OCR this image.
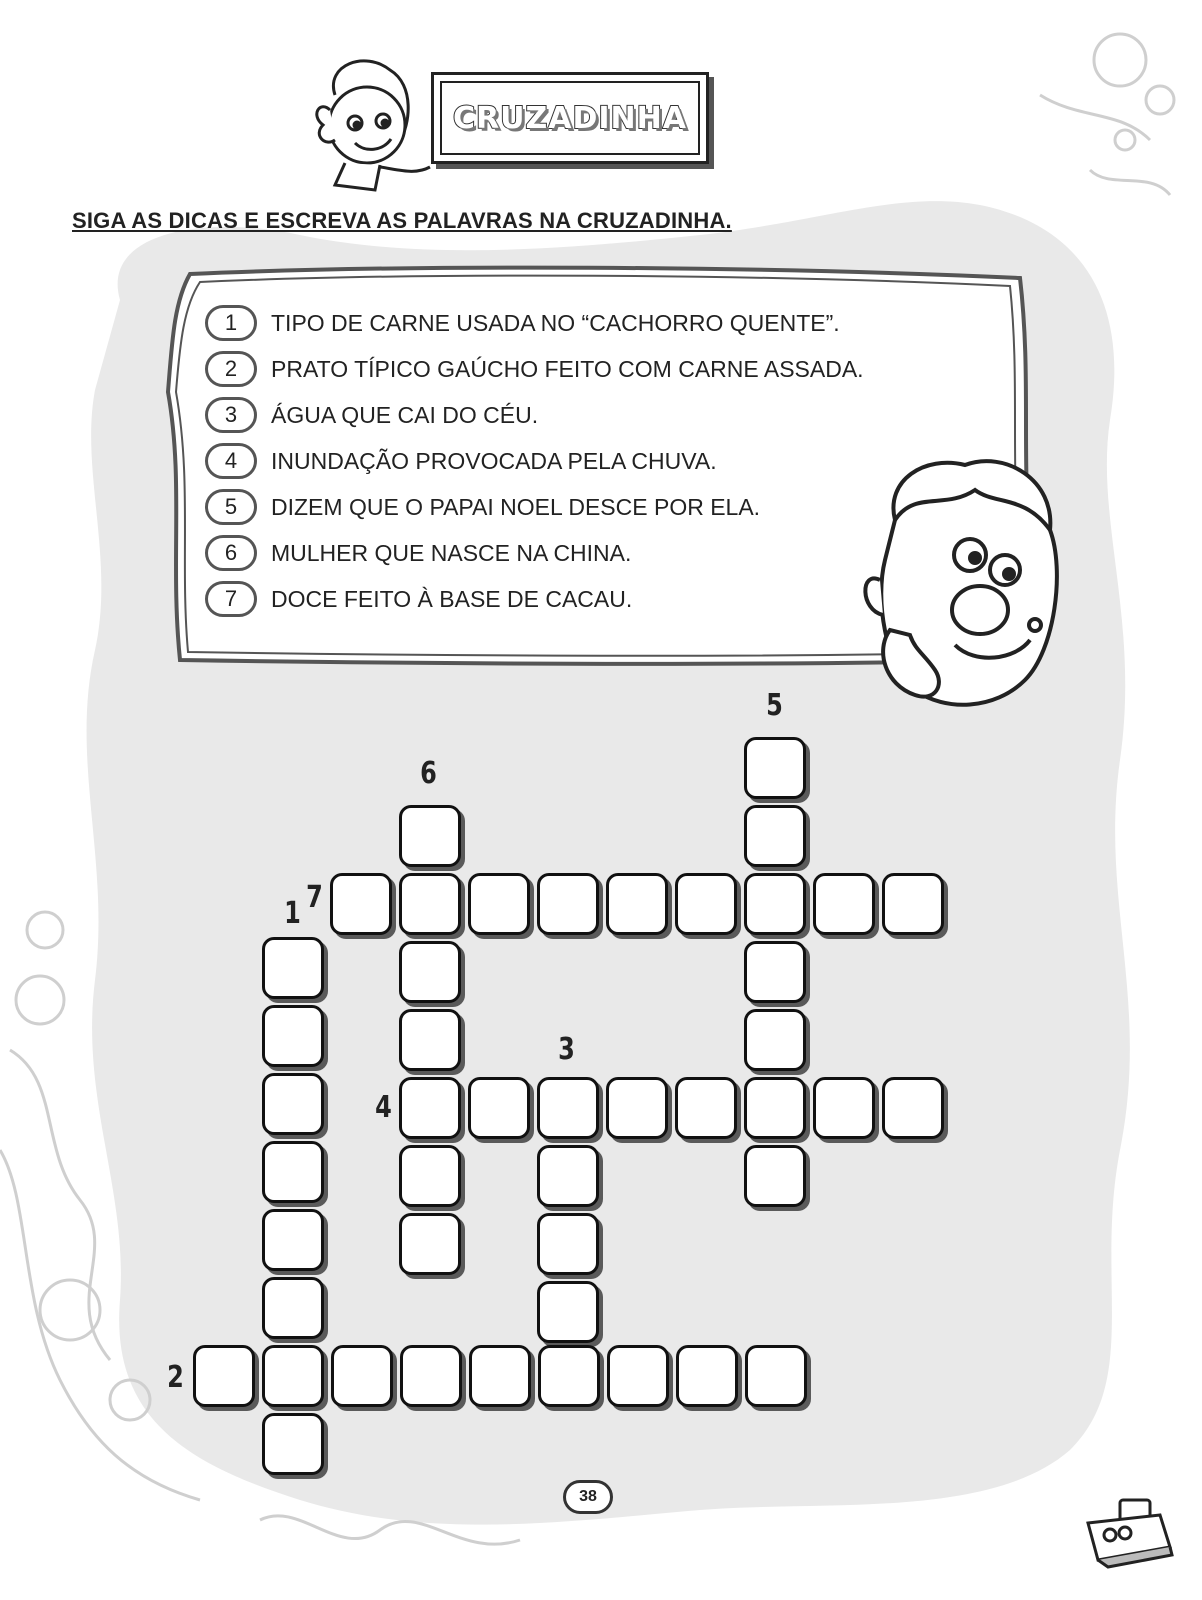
CRUZADINHA
SIGA AS DICAS E ESCREVA AS PALAVRAS NA CRUZADINHA.
1	TIPO DE CARNE USADA NO “CACHORRO QUENTE”.
2	PRATO TÍPICO GAÚCHO FEITO COM CARNE ASSADA.
3	ÁGUA QUE CAI DO CÉU.
4	INUNDAÇÃO PROVOCADA PELA CHUVA.
5	DIZEM QUE O PAPAI NOEL DESCE POR ELA.
6	MULHER QUE NASCE NA CHINA.
7	DOCE FEITO À BASE DE CACAU.
5
6
7
1
3
4
2
38
